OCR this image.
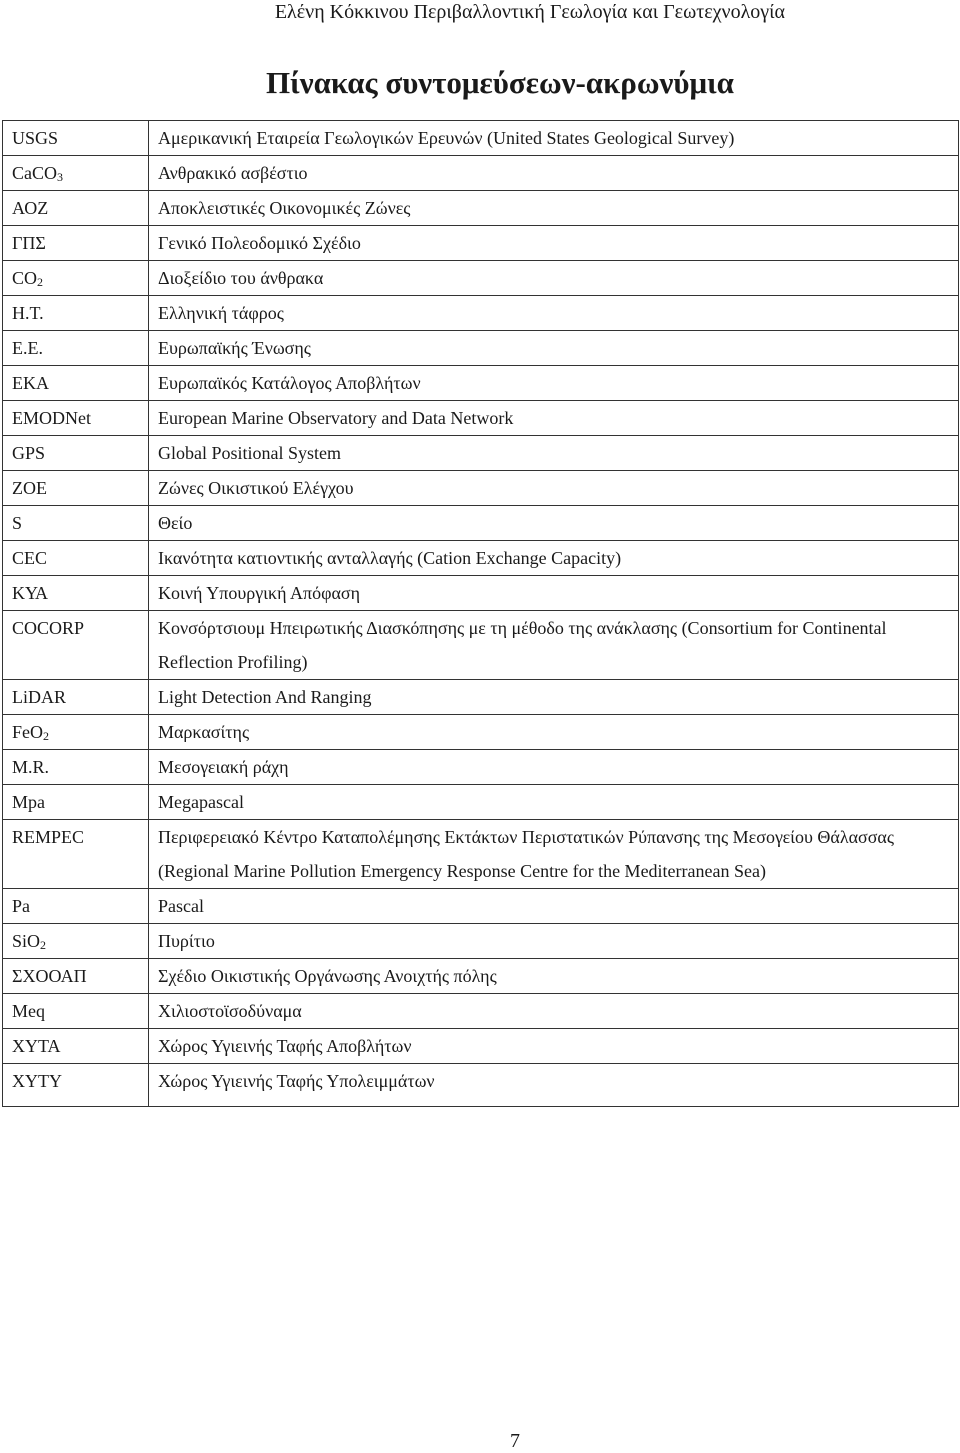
Ελένη Κόκκινου Περιβαλλοντική Γεωλογία και Γεωτεχνολογία
Πίνακας συντομεύσεων-ακρωνύμια
USGS	Αμερικανική Εταιρεία Γεωλογικών Ερευνών (United States Geological Survey)
CaCO$_3$	Ανθρακικό ασβέστιο
ΑΟΖ	Αποκλειστικές Οικονομικές Ζώνες
ΓΠΣ	Γενικό Πολεοδομικό Σχέδιο
$CO_2$	Διοξείδιο του άνθρακα
Η.Τ.	Ελληνική τάφρος
Ε.Ε.	Ευρωπαϊκής Ένωσης
ΕΚΑ	Ευρωπαϊκός Κατάλογος Αποβλήτων
EMODNet	European Marine Observatory and Data Network
GPS	Global Positional System
ΖΟΕ	Ζώνες Οικιστικού Ελέγχου
S	Θείο
CEC	Ικανότητα κατιοντικής ανταλλαγής (Cation Exchange Capacity)
ΚΥΑ	Κοινή Υπουργική Απόφαση
COCORP	Κονσόρτσιουμ Ηπειρωτικής Διασκόπησης με τη μέθοδο της ανάκλασης (Consortium for Continental Reflection Profiling)
LiDAR	Light Detection And Ranging
FeO$_2$	Μαρκασίτης
M.R.	Μεσογειακή ράχη
Mpa	Megapascal
REMPEC	Περιφερειακό Κέντρο Καταπολέμησης Εκτάκτων Περιστατικών Ρύπανσης της Μεσογείου Θάλασσας (Regional Marine Pollution Emergency Response Centre for the Mediterranean Sea)
Pa	Pascal
SiO$_2$	Πυρίτιο
ΣΧΟΟΑΠ	Σχέδιο Οικιστικής Οργάνωσης Ανοιχτής πόλης
Meq	Χιλιοστοϊσοδύναμα
ΧΥΤΑ	Χώρος Υγιεινής Ταφής Αποβλήτων
ΧΥΤΥ	Χώρος Υγιεινής Ταφής Υπολειμμάτων
7
